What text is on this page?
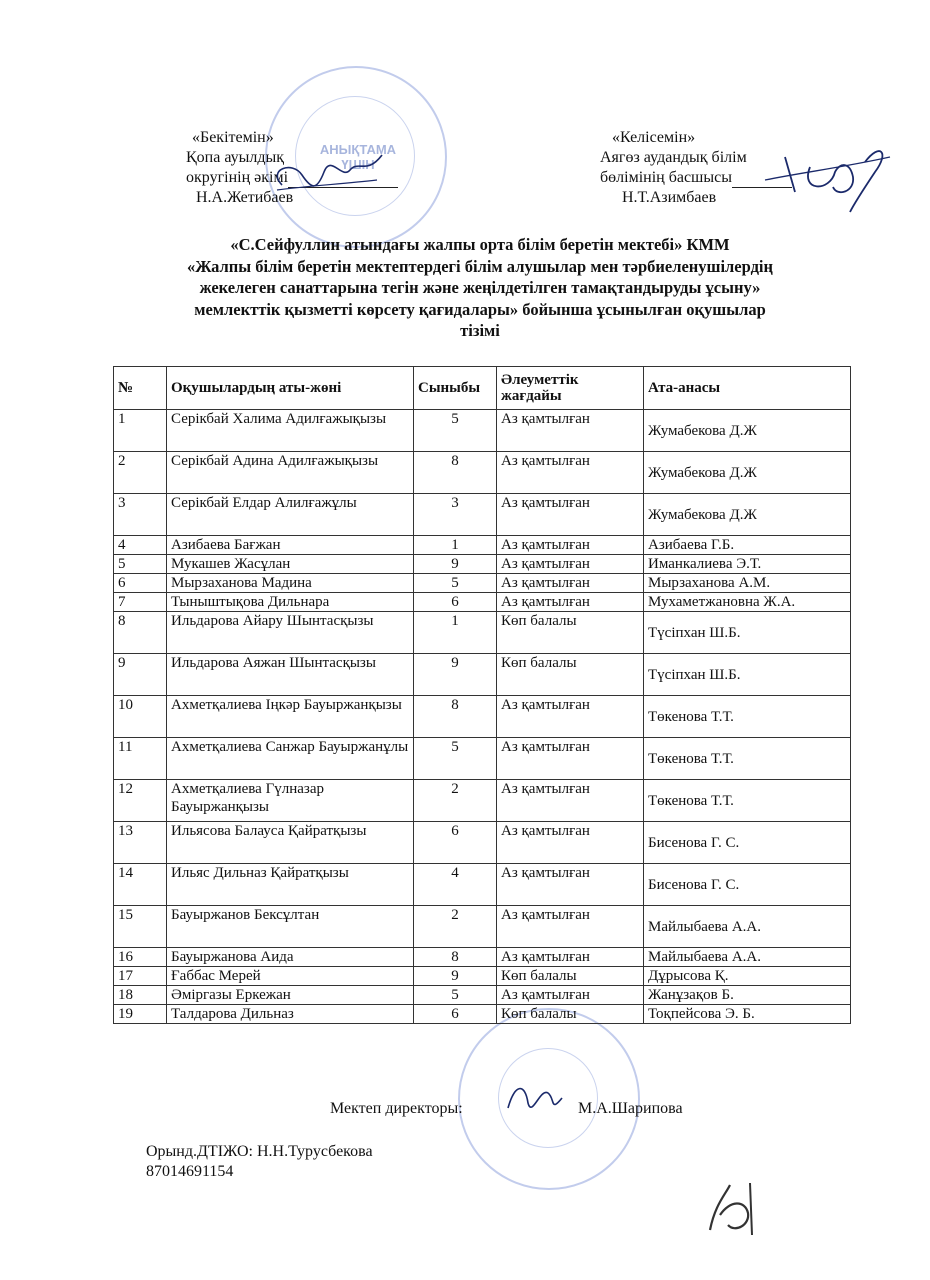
АНЫҚТАМА ҮШІН
«Бекітемін»
Қопа ауылдық
округінің әкімі
Н.А.Жетибаев
«Келісемін»
Аягөз аудандық білім
бөлімінің басшысы
Н.Т.Азимбаев
«С.Сейфуллин атындағы жалпы орта білім беретін мектебі» КММ
«Жалпы білім беретін мектептердегі білім алушылар мен тәрбиеленушілердің
жекелеген санаттарына тегін және жеңілдетілген тамақтандыруды ұсыну»
мемлекттік қызметті көрсету қағидалары» бойынша ұсынылған оқушылар
тізімі
№	Оқушылардың аты-жөні	Сыныбы	Әлеуметтік жағдайы	Ата-анасы
1	Серікбай Халима Адилғажықызы	5	Аз қамтылған	Жумабекова Д.Ж
2	Серікбай Адина Адилғажықызы	8	Аз қамтылған	Жумабекова Д.Ж
3	Серікбай Елдар Алилғажұлы	3	Аз қамтылған	Жумабекова Д.Ж
4	Азибаева Бағжан	1	Аз қамтылған	Азибаева Г.Б.
5	Мукашев Жасұлан	9	Аз қамтылған	Иманкалиева Э.Т.
6	Мырзаханова Мадина	5	Аз қамтылған	Мырзаханова А.М.
7	Тыныштықова Дильнара	6	Аз қамтылған	Мухаметжановна Ж.А.
8	Ильдарова Айару Шынтасқызы	1	Көп балалы	Түсіпхан Ш.Б.
9	Ильдарова Аяжан Шынтасқызы	9	Көп балалы	Түсіпхан Ш.Б.
10	Ахметқалиева Іңкәр Бауыржанқызы	8	Аз қамтылған	Төкенова Т.Т.
11	Ахметқалиева Санжар Бауыржанұлы	5	Аз қамтылған	Төкенова Т.Т.
12	Ахметқалиева Гүлназар Бауыржанқызы	2	Аз қамтылған	Төкенова Т.Т.
13	Ильясова Балауса Қайратқызы	6	Аз қамтылған	Бисенова Г. С.
14	Ильяс Дильназ Қайратқызы	4	Аз қамтылған	Бисенова Г. С.
15	Бауыржанов Бексұлтан	2	Аз қамтылған	Майлыбаева А.А.
16	Бауыржанова Аида	8	Аз қамтылған	Майлыбаева А.А.
17	Ғаббас Мерей	9	Көп балалы	Дұрысова Қ.
18	Әміргазы Еркежан	5	Аз қамтылған	Жанұзақов Б.
19	Талдарова Дильназ	6	Көп балалы	Тоқпейсова Э. Б.
Мектеп директоры:	М.А.Шарипова
Орынд.ДТІЖО: Н.Н.Турусбекова
87014691154
